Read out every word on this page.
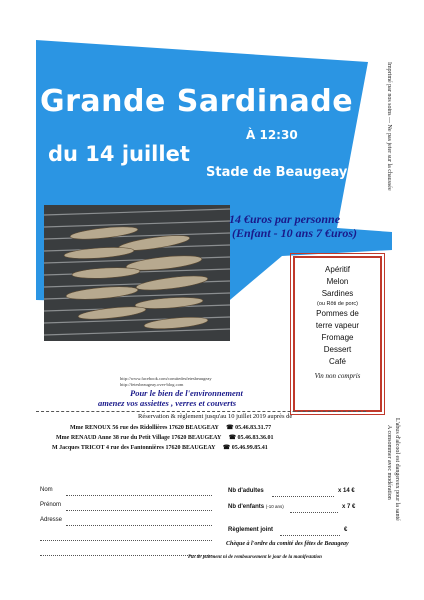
Grande Sardinade
du 14 juillet
À 12:30
Stade de Beaugeay
14 €uros par personne
(Enfant - 10 ans 7 €uros)
Apéritif
Melon
Sardines
(ou Rôti de porc)
Pommes de
terre vapeur
Fromage
Dessert
Café
Vin non compris
Imprimé par nos soins — Ne pas jeter sur la chaussée
L'abus d'alcool est dangereux pour la santé
A consommer avec modération
http://www.facebook.com/comitedesfetesbeaugeay
http://fetesbeaugeay.over-blog.com
Pour le bien de l'environnement
amenez vos assiettes , verres et couverts
Réservation & règlement jusqu'au 10 juillet 2019 auprès de
Mme RENOUX 56 rue des Ridollières 17620 BEAUGEAY ☎ 05.46.83.31.77
Mme RENAUD Anne 38 rue du Petit Village 17620 BEAUGEAY ☎ 05.46.83.36.01
M Jacques TRICOT 4 rue des Fantonnières 17620 BEAUGEAY ☎ 05.46.99.85.41
Nom
Prénom
Adresse
Nb d'adultes	x 14 €
Nb d'enfants (-10 ans)	x 7 €
Règlement joint	€
Chèque à l'ordre du comité des fêtes de Beaugeay
Pas de paiement ni de remboursement le jour de la manifestation
